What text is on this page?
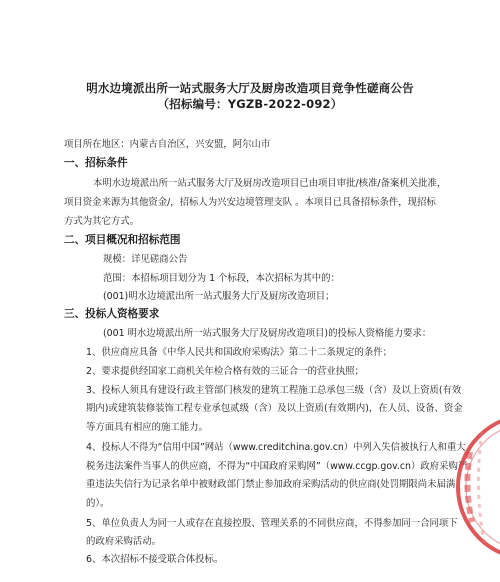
明水边境派出所一站式服务大厅及厨房改造项目竞争性磋商公告
（招标编号：YGZB-2022-092）
项目所在地区：内蒙古自治区，兴安盟，阿尔山市
一、招标条件
本明水边境派出所一站式服务大厅及厨房改造项目已由项目审批/核准/备案机关批准，
项目资金来源为其他资金/，招标人为兴安边境管理支队 。本项目已具备招标条件，现招标
方式为其它方式。
二、项目概况和招标范围
规模：详见磋商公告
范围：本招标项目划分为 1 个标段，本次招标为其中的：
(001)明水边境派出所一站式服务大厅及厨房改造项目；
三、投标人资格要求
(001 明水边境派出所一站式服务大厅及厨房改造项目)的投标人资格能力要求：
1、供应商应具备《中华人民共和国政府采购法》第二十二条规定的条件；
2、要求提供经国家工商机关年检合格有效的三证合一的营业执照；
3、投标人须具有建设行政主管部门核发的建筑工程施工总承包三级（含）及以上资质(有效
期内)或建筑装修装饰工程专业承包贰级（含）及以上资质(有效期内)，在人员、设备、资金
等方面具有相应的施工能力。
4、投标人不得为“信用中国”网站（www.creditchina.gov.cn）中列入失信被执行人和重大
税务违法案件当事人的供应商，不得为“中国政府采购网”（www.ccgp.gov.cn）政府采购严
重违法失信行为记录名单中被财政部门禁止参加政府采购活动的供应商(处罚期限尚未届满
的）。
5、单位负责人为同一人或存在直接控股、管理关系的不同供应商，不得参加同一合同项下
的政府采购活动。
6、本次招标不接受联合体投标。
